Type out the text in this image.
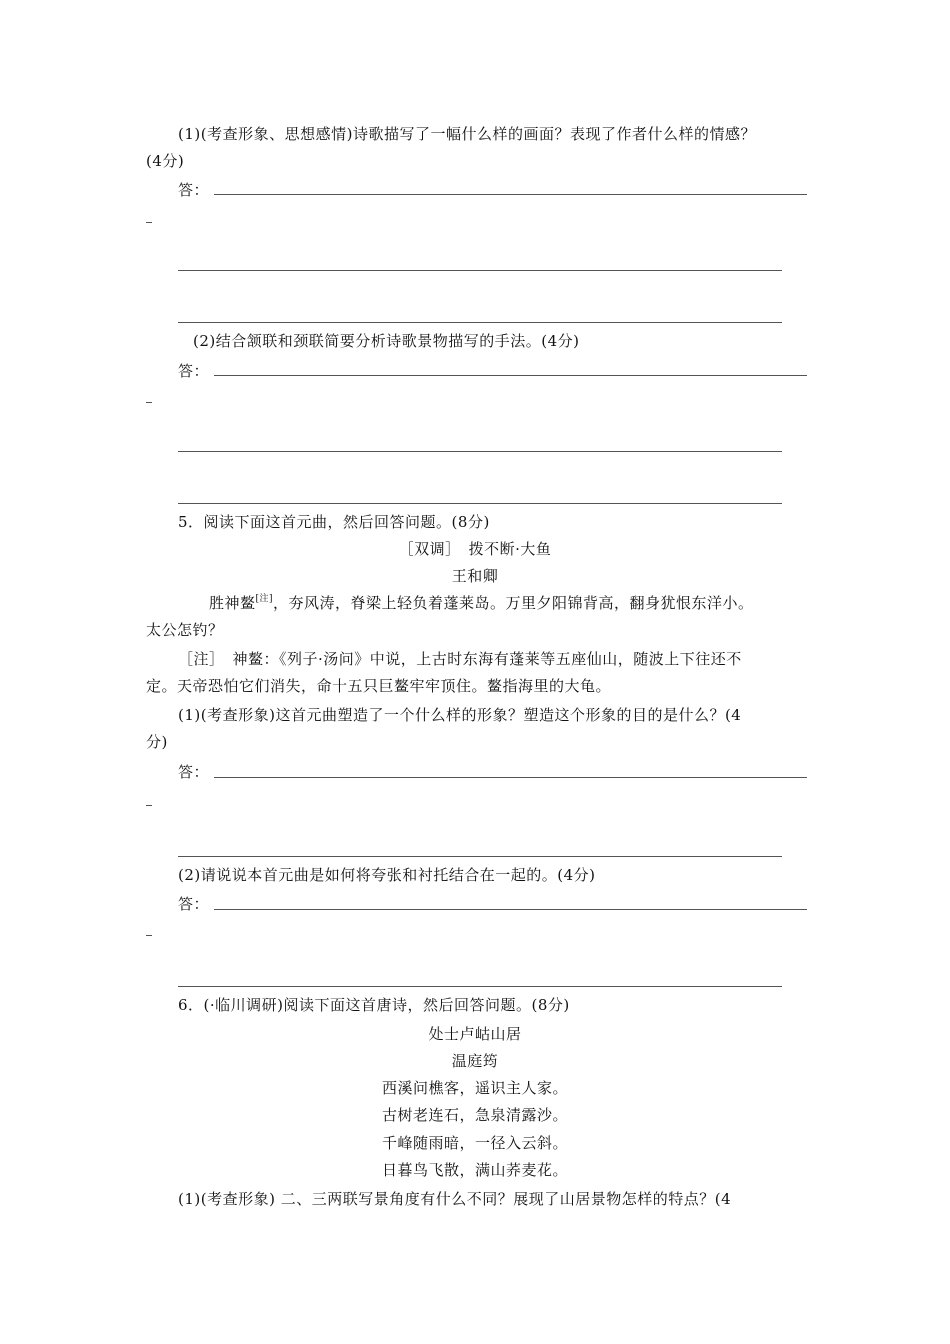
(1)(考查形象、思想感情)诗歌描写了一幅什么样的画面？表现了作者什么样的情感？
(4分)
答：
(2)结合颔联和颈联简要分析诗歌景物描写的手法。(4分)
答：
5．阅读下面这首元曲，然后回答问题。(8分)
［双调］　拨不断·大鱼
王和卿
胜神鳌[注]，夯风涛，脊梁上轻负着蓬莱岛。万里夕阳锦背高，翻身犹恨东洋小。
太公怎钓？
［注］　神鳌：《列子·汤问》中说，上古时东海有蓬莱等五座仙山，随波上下往还不
定。天帝恐怕它们消失，命十五只巨鳌牢牢顶住。鳌指海里的大龟。
(1)(考查形象)这首元曲塑造了一个什么样的形象？塑造这个形象的目的是什么？(4
分)
答：
(2)请说说本首元曲是如何将夸张和衬托结合在一起的。(4分)
答：
6．(·临川调研)阅读下面这首唐诗，然后回答问题。(8分)
处士卢岵山居
温庭筠
西溪问樵客，遥识主人家。
古树老连石，急泉清露沙。
千峰随雨暗，一径入云斜。
日暮鸟飞散，满山荞麦花。
(1)(考查形象) 二、三两联写景角度有什么不同？展现了山居景物怎样的特点？(4
